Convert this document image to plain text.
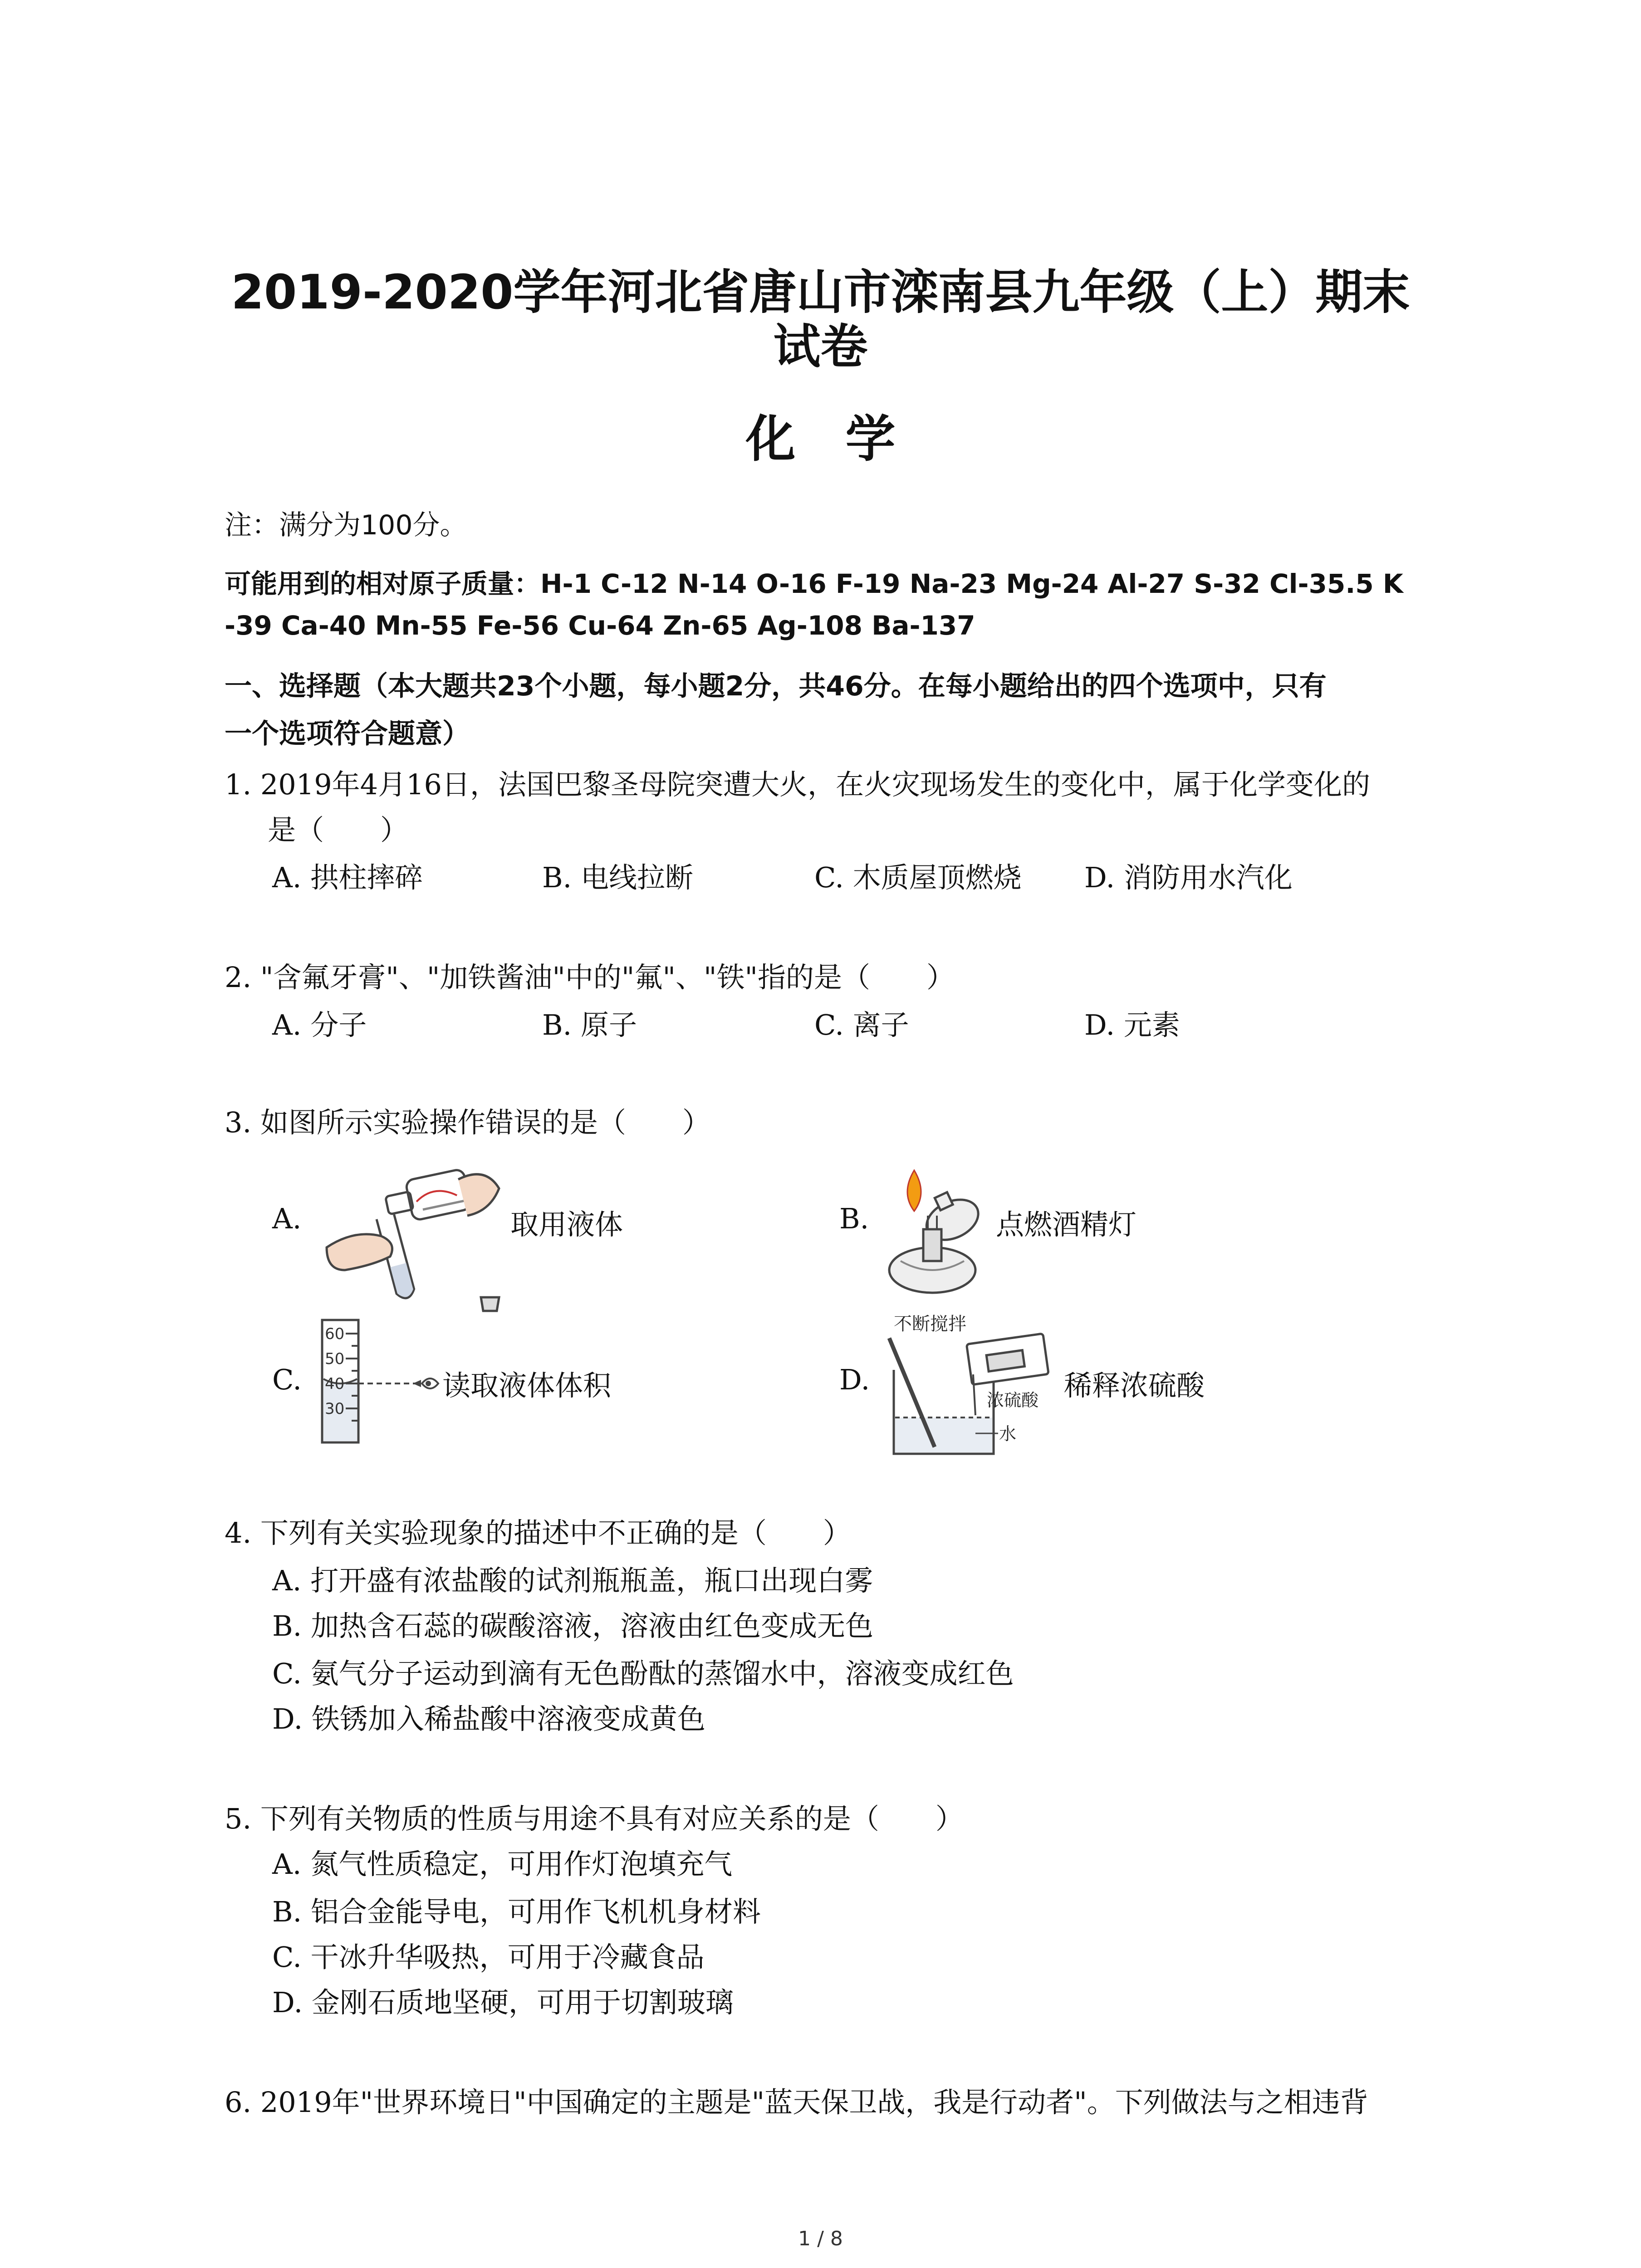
2019-2020学年河北省唐山市滦南县九年级（上）期末
试卷
化学
注：满分为100分。
可能用到的相对原子质量：H-1 C-12 N-14 O-16 F-19 Na-23 Mg-24 Al-27 S-32 Cl-35.5 K
-39 Ca-40 Mn-55 Fe-56 Cu-64 Zn-65 Ag-108 Ba-137
一、选择题（本大题共23个小题，每小题2分，共46分。在每小题给出的四个选项中，只有
一个选项符合题意）
1. 2019年4月16日，法国巴黎圣母院突遭大火，在火灾现场发生的变化中，属于化学变化的
是（　　）
A. 拱柱摔碎	B. 电线拉断	C. 木质屋顶燃烧 D. 消防用水汽化
2. "含氟牙膏"、"加铁酱油"中的"氟"、"铁"指的是（　　）
A. 分子	B. 原子	C. 离子	D. 元素
3. 如图所示实验操作错误的是（　　）
A.	取用液体	B.	点燃酒精灯
C.
60
50
40
30
读取液体体积	D.
不断搅拌
浓硫酸
水
稀释浓硫酸
4. 下列有关实验现象的描述中不正确的是（　　）
A. 打开盛有浓盐酸的试剂瓶瓶盖，瓶口出现白雾
B. 加热含石蕊的碳酸溶液，溶液由红色变成无色
C. 氨气分子运动到滴有无色酚酞的蒸馏水中，溶液变成红色
D. 铁锈加入稀盐酸中溶液变成黄色
5. 下列有关物质的性质与用途不具有对应关系的是（　　）
A. 氮气性质稳定，可用作灯泡填充气
B. 铝合金能导电，可用作飞机机身材料
C. 干冰升华吸热，可用于冷藏食品
D. 金刚石质地坚硬，可用于切割玻璃
6. 2019年"世界环境日"中国确定的主题是"蓝天保卫战，我是行动者"。下列做法与之相违背
1 / 8
